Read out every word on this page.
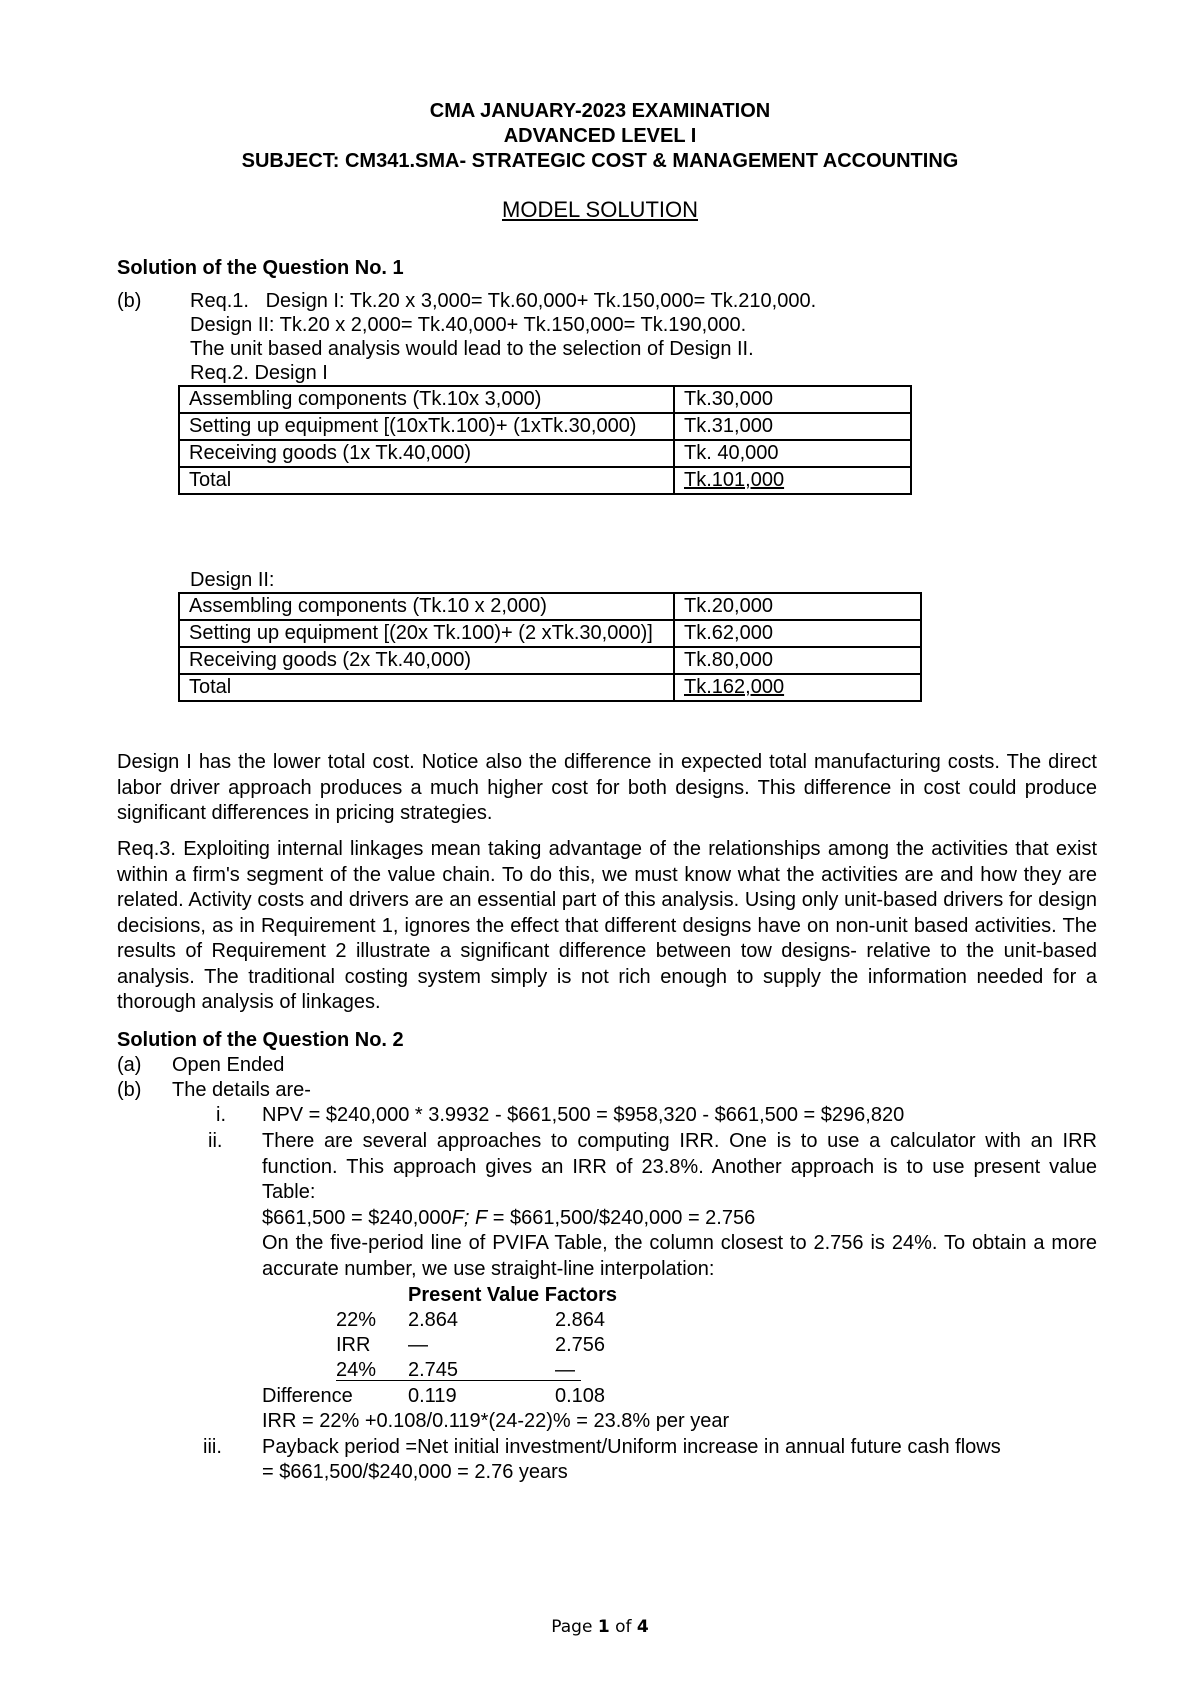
CMA JANUARY-2023 EXAMINATION
ADVANCED LEVEL I
SUBJECT: CM341.SMA- STRATEGIC COST & MANAGEMENT ACCOUNTING
MODEL SOLUTION
Solution of the Question No. 1
(b) Req.1.   Design I: Tk.20 x 3,000= Tk.60,000+ Tk.150,000= Tk.210,000.
Design II: Tk.20 x 2,000= Tk.40,000+ Tk.150,000= Tk.190,000.
The unit based analysis would lead to the selection of Design II.
Req.2. Design I
Assembling components (Tk.10x 3,000)	Tk.30,000
Setting up equipment [(10xTk.100)+ (1xTk.30,000)	Tk.31,000
Receiving goods (1x Tk.40,000)	Tk. 40,000
Total	Tk.101,000
Design II:
Assembling components (Tk.10 x 2,000)	Tk.20,000
Setting up equipment [(20x Tk.100)+ (2 xTk.30,000)]	Tk.62,000
Receiving goods (2x Tk.40,000)	Tk.80,000
Total	Tk.162,000
Design I has the lower total cost. Notice also the difference in expected total manufacturing costs. The direct labor driver approach produces a much higher cost for both designs. This difference in cost could produce significant differences in pricing strategies.
Req.3. Exploiting internal linkages mean taking advantage of the relationships among the activities that exist within a firm's segment of the value chain. To do this, we must know what the activities are and how they are related. Activity costs and drivers are an essential part of this analysis. Using only unit-based drivers for design decisions, as in Requirement 1, ignores the effect that different designs have on non-unit based activities. The results of Requirement 2 illustrate a significant difference between tow designs- relative to the unit-based analysis. The traditional costing system simply is not rich enough to supply the information needed for a thorough analysis of linkages.
Solution of the Question No. 2
(a) Open Ended
(b) The details are-
i. NPV = $240,000 * 3.9932 - $661,500 = $958,320 - $661,500 = $296,820
ii. There are several approaches to computing IRR. One is to use a calculator with an IRR function. This approach gives an IRR of 23.8%. Another approach is to use present value Table:
$661,500 = $240,000F; F = $661,500/$240,000 = 2.756
On the five-period line of PVIFA Table, the column closest to 2.756 is 24%. To obtain a more accurate number, we use straight-line interpolation:
Present Value Factors
22% 2.864	2.864
IRR —	2.756
24% 2.745	—
Difference	0.119	0.108
IRR = 22% +0.108/0.119*(24-22)% = 23.8% per year
iii. Payback period =Net initial investment/Uniform increase in annual future cash flows
= $661,500/$240,000 = 2.76 years
Page 1 of 4
